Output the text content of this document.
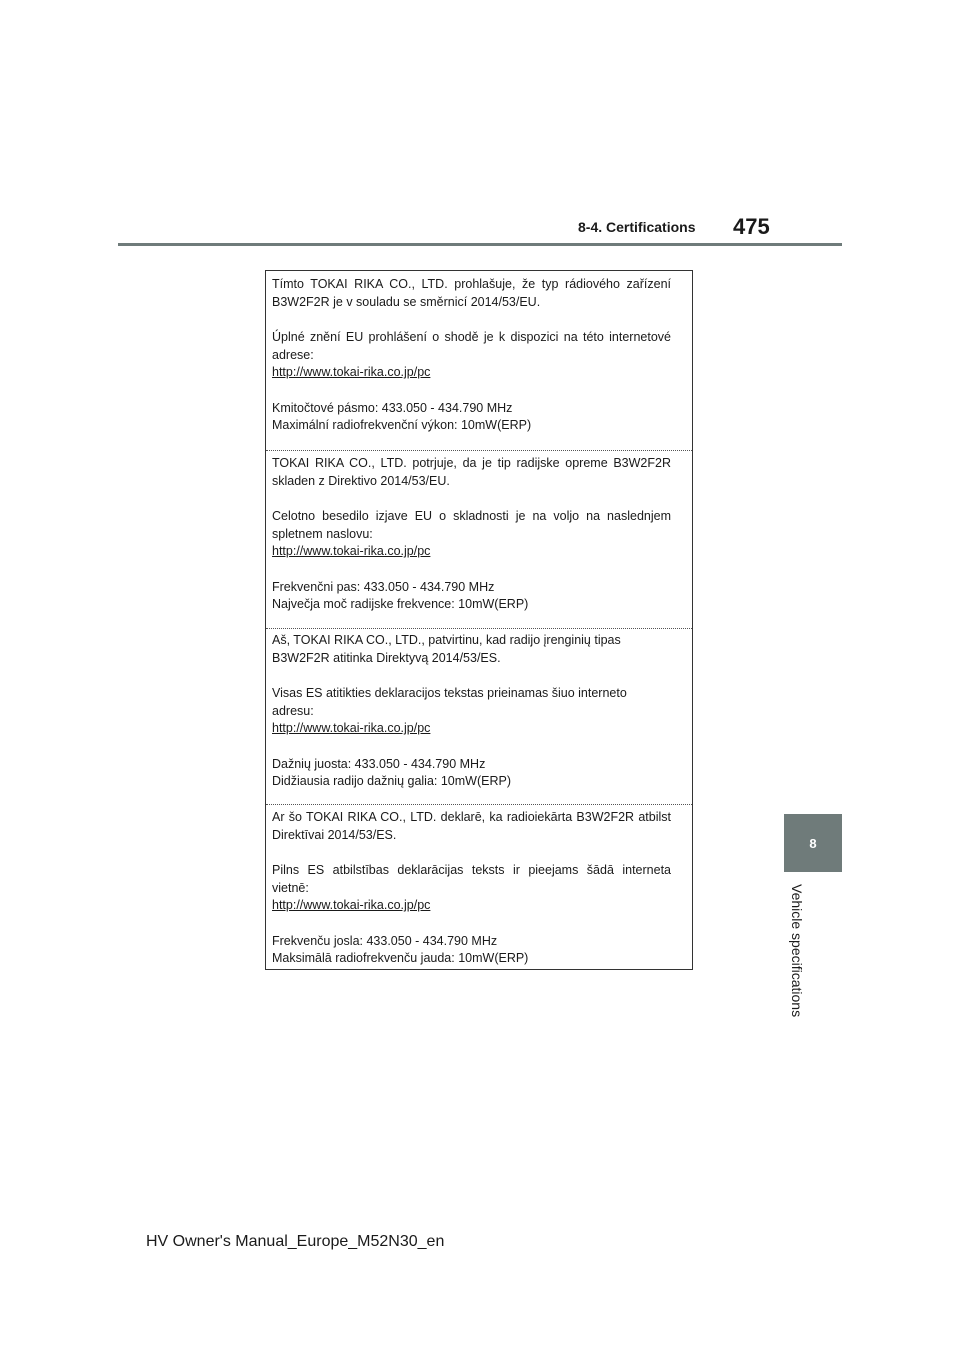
8-4. Certifications 475
8
Vehicle specifications

Tímto TOKAI RIKA CO., LTD. prohlašuje, že typ rádiového zařízení B3W2F2R je v souladu se směrnicí 2014/53/EU.

Úplné znění EU prohlášení o shodě je k dispozici na této internetové adrese:

http://www.tokai-rika.co.jp/pc

Kmitočtové pásmo: 433.050 - 434.790 MHz

Maximální radiofrekvenční výkon: 10mW(ERP)

TOKAI RIKA CO., LTD. potrjuje, da je tip radijske opreme B3W2F2R skladen z Direktivo 2014/53/EU.

Celotno besedilo izjave EU o skladnosti je na voljo na naslednjem spletnem naslovu:

http://www.tokai-rika.co.jp/pc

Frekvenčni pas: 433.050 - 434.790 MHz

Največja moč radijske frekvence: 10mW(ERP)

Aš, TOKAI RIKA CO., LTD., patvirtinu, kad radijo įrenginių tipas B3W2F2R atitinka Direktyvą 2014/53/ES.

Visas ES atitikties deklaracijos tekstas prieinamas šiuo interneto adresu:

http://www.tokai-rika.co.jp/pc

Dažnių juosta: 433.050 - 434.790 MHz

Didžiausia radijo dažnių galia: 10mW(ERP)

Ar šo TOKAI RIKA CO., LTD. deklarē, ka radioiekārta B3W2F2R atbilst Direktīvai 2014/53/ES.

Pilns ES atbilstības deklarācijas teksts ir pieejams šādā interneta vietnē:

http://www.tokai-rika.co.jp/pc

Frekvenču josla: 433.050 - 434.790 MHz

Maksimālā radiofrekvenču jauda: 10mW(ERP)

HV Owner's Manual_Europe_M52N30_en
